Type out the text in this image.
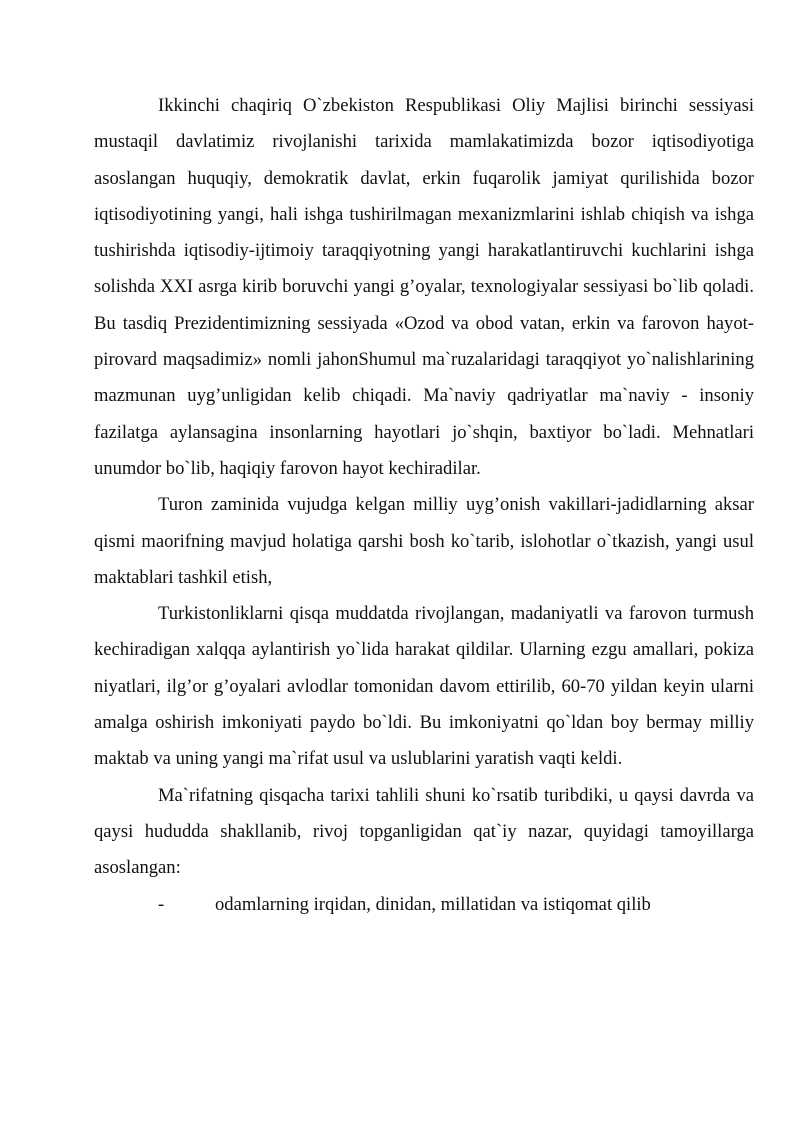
Ikkinchi chaqiriq O`zbekiston Respublikasi Oliy Majlisi birinchi sessiyasi mustaqil davlatimiz rivojlanishi tarixida mamlakatimizda bozor iqtisodiyotiga asoslangan huquqiy, demokratik davlat, erkin fuqarolik jamiyat qurilishida bozor iqtisodiyotining yangi, hali ishga tushirilmagan mexanizmlarini ishlab chiqish va ishga tushirishda iqtisodiy-ijtimoiy taraqqiyotning yangi harakatlantiruvchi kuchlarini ishga solishda XXI asrga kirib boruvchi yangi g’oyalar, texnologiyalar sessiyasi bo`lib qoladi. Bu tasdiq Prezidentimizning sessiyada «Ozod va obod vatan, erkin va farovon hayot-pirovard maqsadimiz» nomli jahonShumul ma`ruzalaridagi taraqqiyot yo`nalishlarining mazmunan uyg’unligidan kelib chiqadi. Ma`naviy qadriyatlar ma`naviy - insoniy fazilatga aylansagina insonlarning hayotlari jo`shqin, baxtiyor bo`ladi. Mehnatlari unumdor bo`lib, haqiqiy farovon hayot kechiradilar.

Turon zaminida vujudga kelgan milliy uyg’onish vakillari-jadidlarning aksar qismi maorifning mavjud holatiga qarshi bosh ko`tarib, islohotlar o`tkazish, yangi usul maktablari tashkil etish,

Turkistonliklarni qisqa muddatda rivojlangan, madaniyatli va farovon turmush kechiradigan xalqqa aylantirish yo`lida harakat qildilar. Ularning ezgu amallari, pokiza niyatlari, ilg’or g’oyalari avlodlar tomonidan davom ettirilib, 60-70 yildan keyin ularni amalga oshirish imkoniyati paydo bo`ldi. Bu imkoniyatni qo`ldan boy bermay milliy maktab va uning yangi ma`rifat usul va uslublarini yaratish vaqti keldi.

Ma`rifatning qisqacha tarixi tahlili shuni ko`rsatib turibdiki, u qaysi davrda va qaysi hududda shakllanib, rivoj topganligidan qat`iy nazar, quyidagi tamoyillarga asoslangan:

-	odamlarning irqidan, dinidan, millatidan va istiqomat qilib
